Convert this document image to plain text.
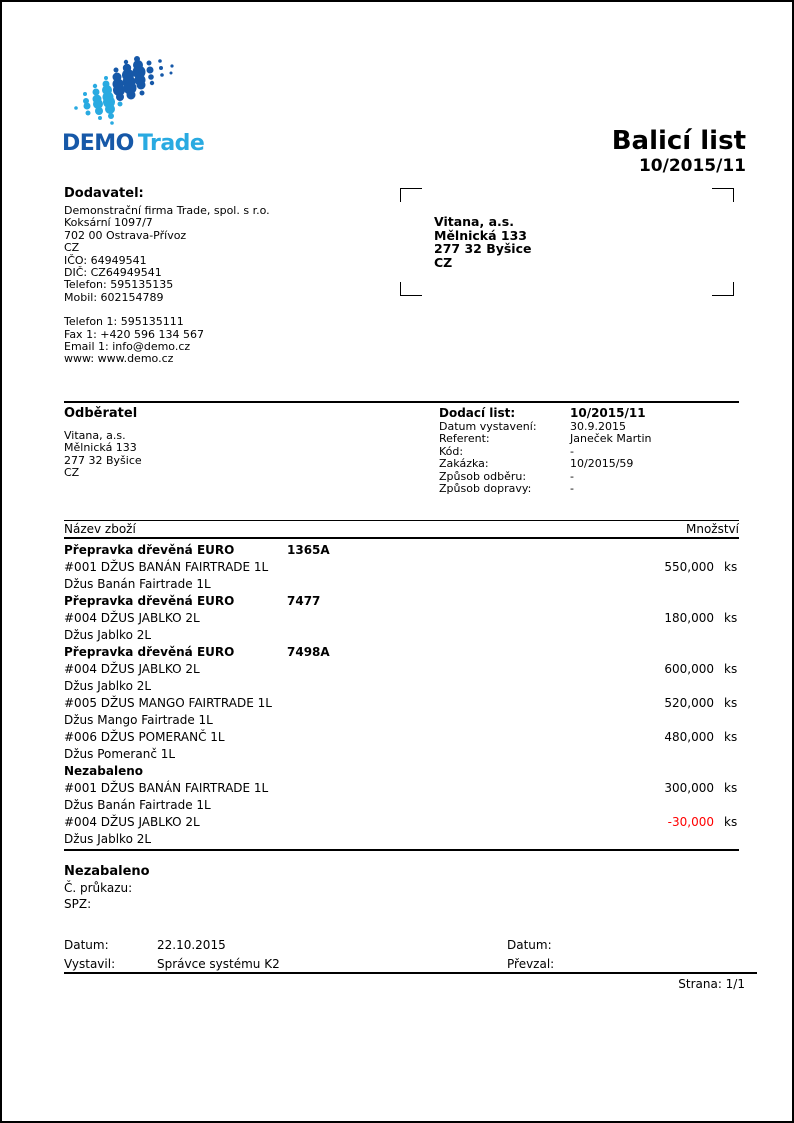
DEMO Trade	Balicí list
10/2015/11
Dodavatel:
Demonstrační firma Trade, spol. s r.o.
Koksární 1097/7
702 00 Ostrava-Přívoz
CZ
IČO: 64949541
DIČ: CZ64949541
Telefon: 595135135
Mobil: 602154789
Telefon 1: 595135111
Fax 1: +420 596 134 567
Email 1: info@demo.cz
www: www.demo.cz
Vitana, a.s.
Mělnická 133
277 32 Byšice
CZ
Odběratel
Vitana, a.s.
Mělnická 133
277 32 Byšice
CZ
Dodací list:	10/2015/11
Datum vystavení:	30.9.2015
Referent:	Janeček Martin
Kód:	-
Zakázka:	10/2015/59
Způsob odběru:	-
Způsob dopravy:	-
Název zboží	Množství
Přepravka dřevěná EURO	1365A
#001 DŽUS BANÁN FAIRTRADE 1L	550,000 ks
Džus Banán Fairtrade 1L
Přepravka dřevěná EURO	7477
#004 DŽUS JABLKO 2L	180,000 ks
Džus Jablko 2L
Přepravka dřevěná EURO	7498A
#004 DŽUS JABLKO 2L	600,000 ks
Džus Jablko 2L
#005 DŽUS MANGO FAIRTRADE 1L	520,000 ks
Džus Mango Fairtrade 1L
#006 DŽUS POMERANČ 1L	480,000 ks
Džus Pomeranč 1L
Nezabaleno
#001 DŽUS BANÁN FAIRTRADE 1L	300,000 ks
Džus Banán Fairtrade 1L
#004 DŽUS JABLKO 2L	-30,000 ks
Džus Jablko 2L
Nezabaleno
Č. průkazu:
SPZ:
Datum:	22.10.2015
Vystavil:	Správce systému K2
Datum:
Převzal:
Strana: 1/1
